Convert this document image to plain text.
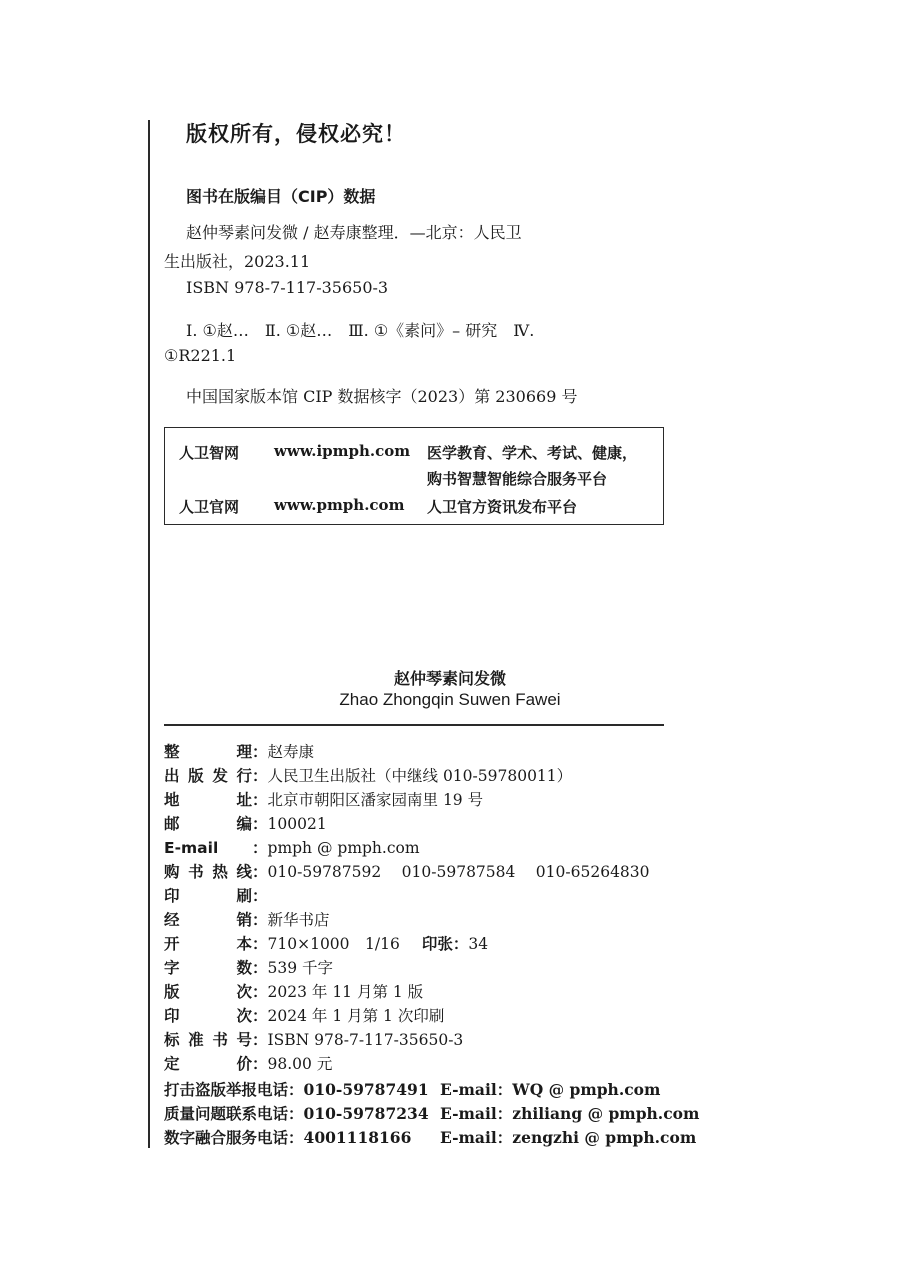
版权所有，侵权必究！
图书在版编目（CIP）数据
赵仲琴素问发微 / 赵寿康整理．—北京：人民卫
生出版社，2023.11
ISBN 978-7-117-35650-3
Ⅰ. ①赵…　Ⅱ. ①赵…　Ⅲ. ①《素问》– 研究　Ⅳ.
①R221.1
中国国家版本馆 CIP 数据核字（2023）第 230669 号
人卫智网 www.ipmph.com 医学教育、学术、考试、健康，
购书智慧智能综合服务平台
人卫官网 www.pmph.com 人卫官方资讯发布平台
赵仲琴素问发微
Zhao Zhongqin Suwen Fawei
整理：赵寿康
出版发行：人民卫生出版社（中继线 010-59780011）
地址：北京市朝阳区潘家园南里 19 号
邮编：100021
E-mail ：pmph @ pmph.com
购书热线：010-59787592　 010-59787584　 010-65264830
印刷：
经销：新华书店
开本：710×1000　1/16 印张：34
字数：539 千字
版次：2023 年 11 月第 1 版
印次：2024 年 1 月第 1 次印刷
标准书号：ISBN 978-7-117-35650-3
定价：98.00 元
打击盗版举报电话：010-59787491 E-mail：WQ @ pmph.com
质量问题联系电话：010-59787234 E-mail：zhiliang @ pmph.com
数字融合服务电话：4001118166 E-mail：zengzhi @ pmph.com
